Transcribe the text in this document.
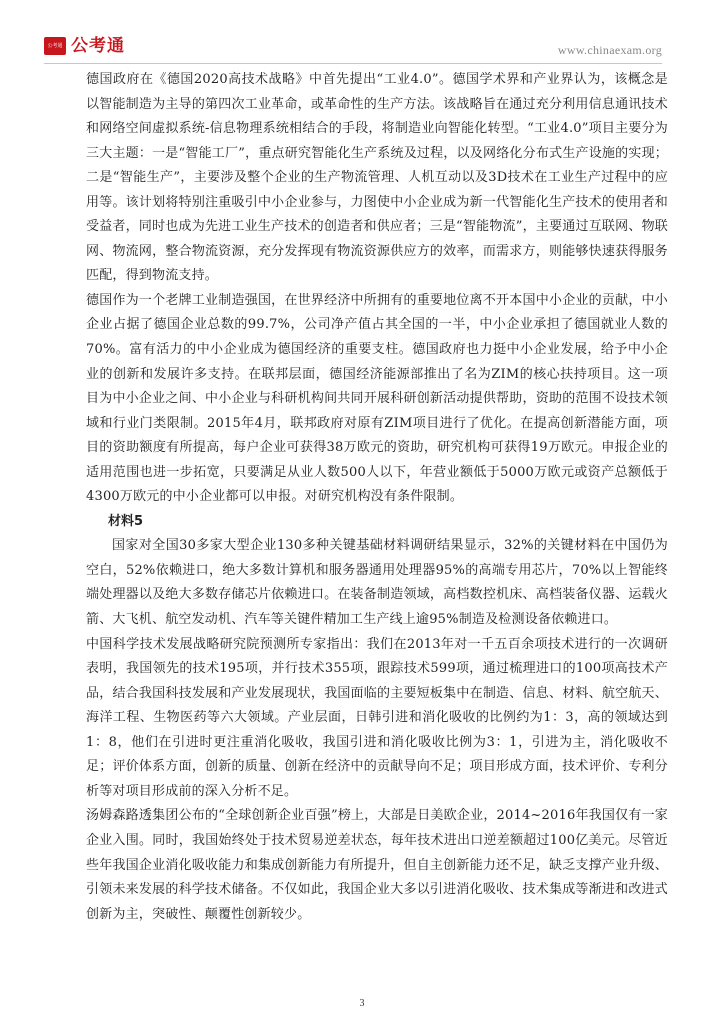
公考通 公考通	www.chinaexam.org

德国政府在《德国2020高技术战略》中首先提出“工业4.0”。德国学术界和产业界认为，该概念是以智能制造为主导的第四次工业革命，或革命性的生产方法。该战略旨在通过充分利用信息通讯技术和网络空间虚拟系统-信息物理系统相结合的手段，将制造业向智能化转型。“工业4.0”项目主要分为三大主题：一是“智能工厂”，重点研究智能化生产系统及过程，以及网络化分布式生产设施的实现；二是“智能生产”，主要涉及整个企业的生产物流管理、人机互动以及3D技术在工业生产过程中的应用等。该计划将特别注重吸引中小企业参与，力图使中小企业成为新一代智能化生产技术的使用者和受益者，同时也成为先进工业生产技术的创造者和供应者；三是“智能物流”，主要通过互联网、物联网、物流网，整合物流资源，充分发挥现有物流资源供应方的效率，而需求方，则能够快速获得服务匹配，得到物流支持。

德国作为一个老牌工业制造强国，在世界经济中所拥有的重要地位离不开本国中小企业的贡献，中小企业占据了德国企业总数的99.7%，公司净产值占其全国的一半，中小企业承担了德国就业人数的70%。富有活力的中小企业成为德国经济的重要支柱。德国政府也力挺中小企业发展，给予中小企业的创新和发展许多支持。在联邦层面，德国经济能源部推出了名为ZIM的核心扶持项目。这一项目为中小企业之间、中小企业与科研机构间共同开展科研创新活动提供帮助，资助的范围不设技术领域和行业门类限制。2015年4月，联邦政府对原有ZIM项目进行了优化。在提高创新潜能方面，项目的资助额度有所提高，每户企业可获得38万欧元的资助，研究机构可获得19万欧元。申报企业的适用范围也进一步拓宽，只要满足从业人数500人以下，年营业额低于5000万欧元或资产总额低于4300万欧元的中小企业都可以申报。对研究机构没有条件限制。

材料5

国家对全国30多家大型企业130多种关键基础材料调研结果显示，32%的关键材料在中国仍为空白，52%依赖进口，绝大多数计算机和服务器通用处理器95%的高端专用芯片，70%以上智能终端处理器以及绝大多数存储芯片依赖进口。在装备制造领域，高档数控机床、高档装备仪器、运载火箭、大飞机、航空发动机、汽车等关键件精加工生产线上逾95%制造及检测设备依赖进口。

中国科学技术发展战略研究院预测所专家指出：我们在2013年对一千五百余项技术进行的一次调研表明，我国领先的技术195项，并行技术355项，跟踪技术599项，通过梳理进口的100项高技术产品，结合我国科技发展和产业发展现状，我国面临的主要短板集中在制造、信息、材料、航空航天、海洋工程、生物医药等六大领域。产业层面，日韩引进和消化吸收的比例约为1：3，高的领域达到1：8，他们在引进时更注重消化吸收，我国引进和消化吸收比例为3：1，引进为主，消化吸收不足；评价体系方面，创新的质量、创新在经济中的贡献导向不足；项目形成方面，技术评价、专利分析等对项目形成前的深入分析不足。

汤姆森路透集团公布的“全球创新企业百强”榜上，大部是日美欧企业，2014~2016年我国仅有一家企业入围。同时，我国始终处于技术贸易逆差状态，每年技术进出口逆差额超过100亿美元。尽管近些年我国企业消化吸收能力和集成创新能力有所提升，但自主创新能力还不足，缺乏支撑产业升级、引领未来发展的科学技术储备。不仅如此，我国企业大多以引进消化吸收、技术集成等渐进和改进式创新为主，突破性、颠覆性创新较少。

3
